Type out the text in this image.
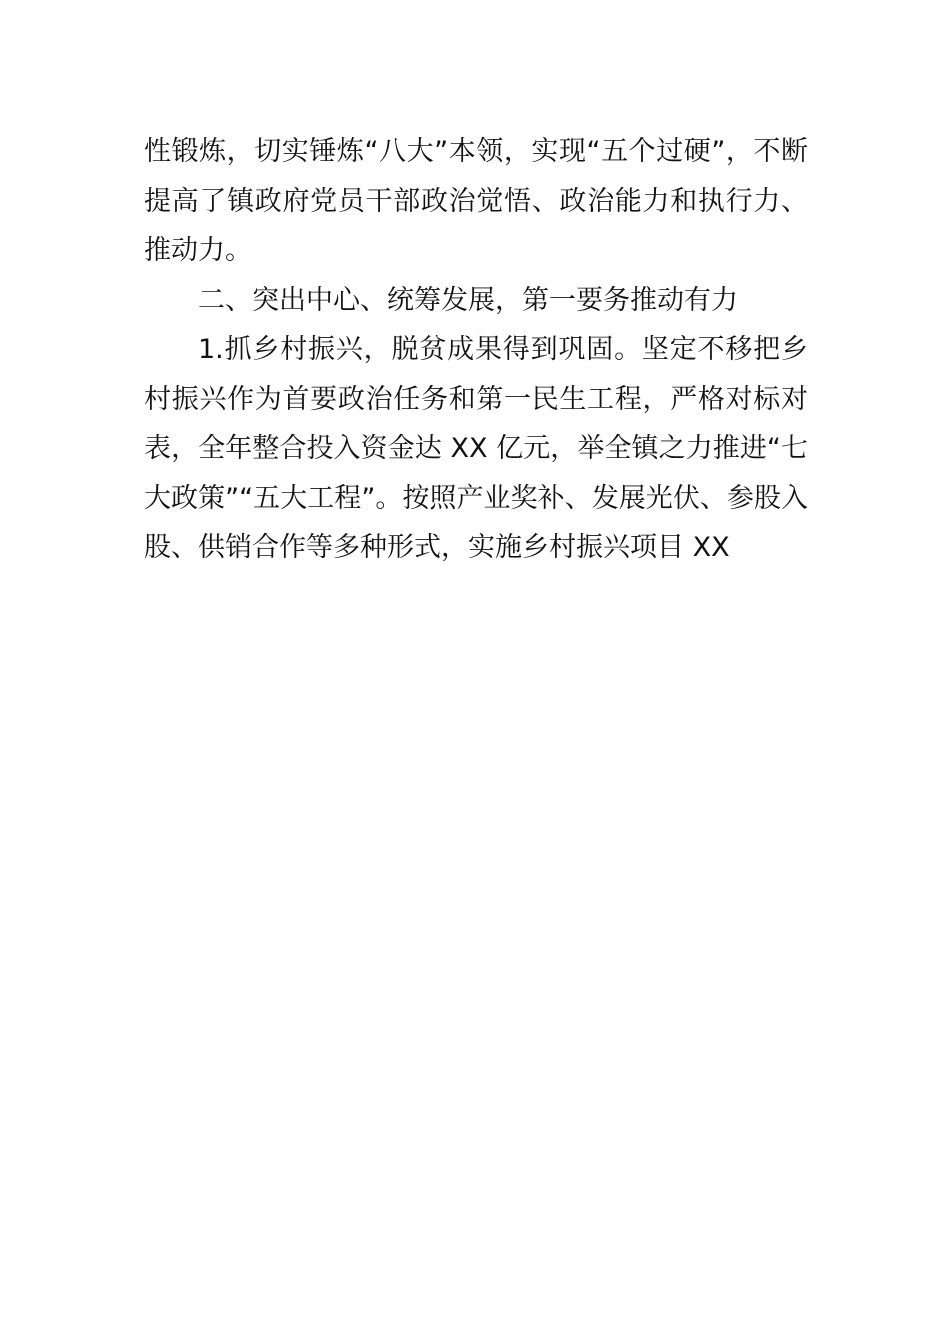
性锻炼，切实锤炼“八大”本领，实现“五个过硬”，不断提高了镇政府党员干部政治觉悟、政治能力和执行力、推动力。

二、突出中心、统筹发展，第一要务推动有力

1.抓乡村振兴，脱贫成果得到巩固。坚定不移把乡村振兴作为首要政治任务和第一民生工程，严格对标对表，全年整合投入资金达 XX 亿元，举全镇之力推进“七大政策”“五大工程”。按照产业奖补、发展光伏、参股入股、供销合作等多种形式，实施乡村振兴项目 XX
